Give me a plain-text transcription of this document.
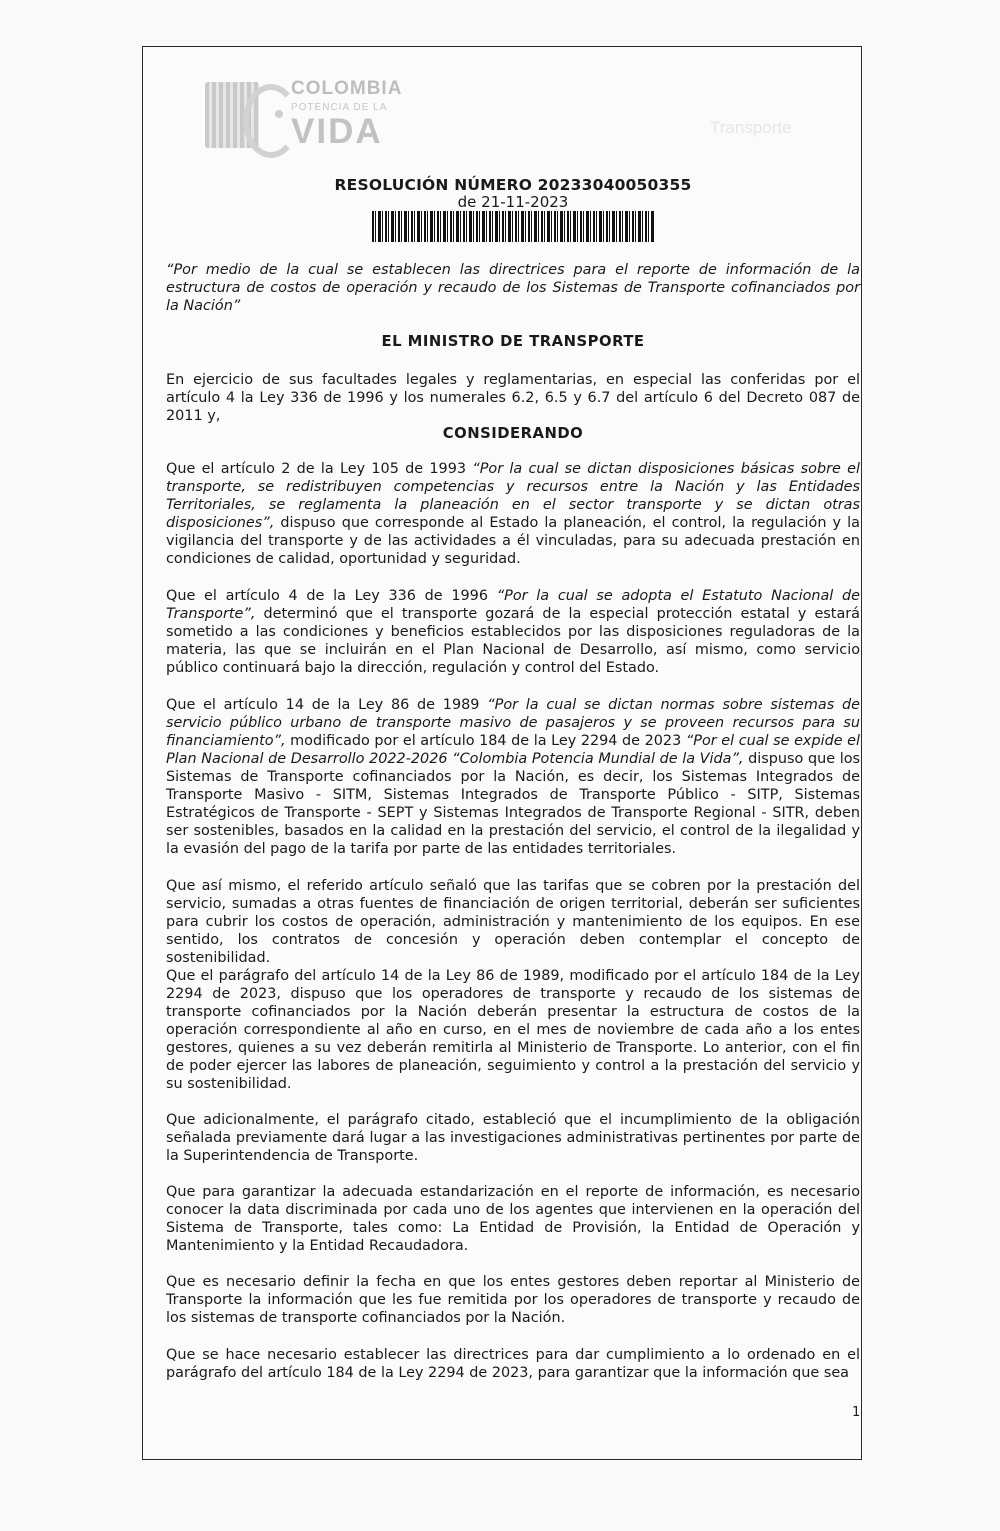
COLOMBIA
POTENCIA DE LA
VIDA	Transporte
RESOLUCIÓN NÚMERO 20233040050355
de 21-11-2023

“Por medio de la cual se establecen las directrices para el reporte de información de la estructura de costos de operación y recaudo de los Sistemas de Transporte cofinanciados por la Nación”

EL MINISTRO DE TRANSPORTE

En ejercicio de sus facultades legales y reglamentarias, en especial las conferidas por el artículo 4 la Ley 336 de 1996 y los numerales 6.2, 6.5 y 6.7 del artículo 6 del Decreto 087 de 2011 y,

CONSIDERANDO

Que el artículo 2 de la Ley 105 de 1993 “Por la cual se dictan disposiciones básicas sobre el transporte, se redistribuyen competencias y recursos entre la Nación y las Entidades Territoriales, se reglamenta la planeación en el sector transporte y se dictan otras disposiciones”, dispuso que corresponde al Estado la planeación, el control, la regulación y la vigilancia del transporte y de las actividades a él vinculadas, para su adecuada prestación en condiciones de calidad, oportunidad y seguridad.

Que el artículo 4 de la Ley 336 de 1996 “Por la cual se adopta el Estatuto Nacional de Transporte”, determinó que el transporte gozará de la especial protección estatal y estará sometido a las condiciones y beneficios establecidos por las disposiciones reguladoras de la materia, las que se incluirán en el Plan Nacional de Desarrollo, así mismo, como servicio público continuará bajo la dirección, regulación y control del Estado.

Que el artículo 14 de la Ley 86 de 1989 “Por la cual se dictan normas sobre sistemas de servicio público urbano de transporte masivo de pasajeros y se proveen recursos para su financiamiento”, modificado por el artículo 184 de la Ley 2294 de 2023 “Por el cual se expide el Plan Nacional de Desarrollo 2022-2026 “Colombia Potencia Mundial de la Vida”, dispuso que los Sistemas de Transporte cofinanciados por la Nación, es decir, los Sistemas Integrados de Transporte Masivo - SITM, Sistemas Integrados de Transporte Público - SITP, Sistemas Estratégicos de Transporte - SEPT y Sistemas Integrados de Transporte Regional - SITR, deben ser sostenibles, basados en la calidad en la prestación del servicio, el control de la ilegalidad y la evasión del pago de la tarifa por parte de las entidades territoriales.

Que así mismo, el referido artículo señaló que las tarifas que se cobren por la prestación del servicio, sumadas a otras fuentes de financiación de origen territorial, deberán ser suficientes para cubrir los costos de operación, administración y mantenimiento de los equipos. En ese sentido, los contratos de concesión y operación deben contemplar el concepto de sostenibilidad.

Que el parágrafo del artículo 14 de la Ley 86 de 1989, modificado por el artículo 184 de la Ley 2294 de 2023, dispuso que los operadores de transporte y recaudo de los sistemas de transporte cofinanciados por la Nación deberán presentar la estructura de costos de la operación correspondiente al año en curso, en el mes de noviembre de cada año a los entes gestores, quienes a su vez deberán remitirla al Ministerio de Transporte. Lo anterior, con el fin de poder ejercer las labores de planeación, seguimiento y control a la prestación del servicio y su sostenibilidad.

Que adicionalmente, el parágrafo citado, estableció que el incumplimiento de la obligación señalada previamente dará lugar a las investigaciones administrativas pertinentes por parte de la Superintendencia de Transporte.

Que para garantizar la adecuada estandarización en el reporte de información, es necesario conocer la data discriminada por cada uno de los agentes que intervienen en la operación del Sistema de Transporte, tales como: La Entidad de Provisión, la Entidad de Operación y Mantenimiento y la Entidad Recaudadora.

Que es necesario definir la fecha en que los entes gestores deben reportar al Ministerio de Transporte la información que les fue remitida por los operadores de transporte y recaudo de los sistemas de transporte cofinanciados por la Nación.

Que se hace necesario establecer las directrices para dar cumplimiento a lo ordenado en el parágrafo del artículo 184 de la Ley 2294 de 2023, para garantizar que la información que sea

1
